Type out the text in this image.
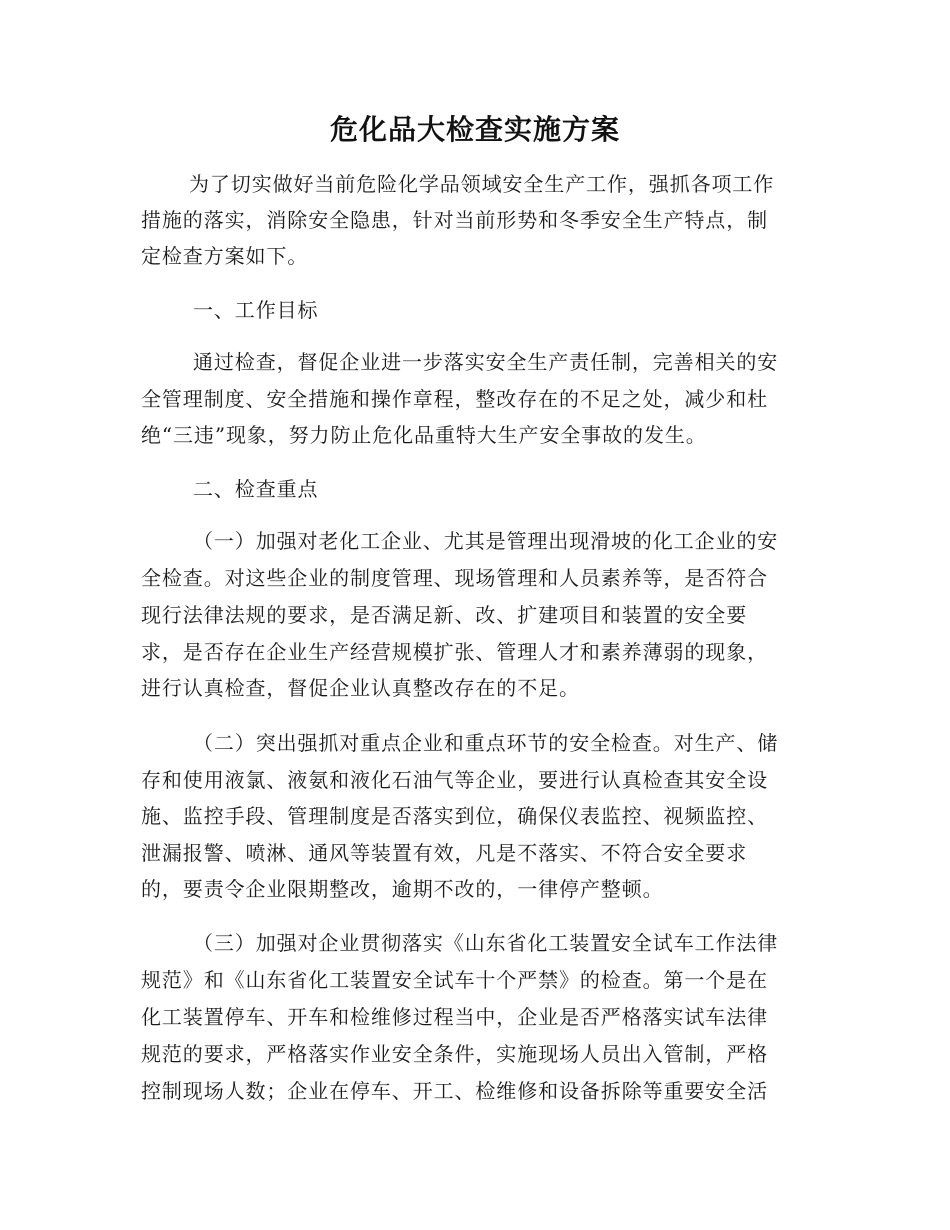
危化品大检查实施方案
为了切实做好当前危险化学品领域安全生产工作，强抓各项工作
措施的落实，消除安全隐患，针对当前形势和冬季安全生产特点，制
定检查方案如下。
一、工作目标
通过检查，督促企业进一步落实安全生产责任制，完善相关的安
全管理制度、安全措施和操作章程，整改存在的不足之处，减少和杜
绝“三违”现象，努力防止危化品重特大生产安全事故的发生。
二、检查重点
（一）加强对老化工企业、尤其是管理出现滑坡的化工企业的安
全检查。对这些企业的制度管理、现场管理和人员素养等，是否符合
现行法律法规的要求，是否满足新、改、扩建项目和装置的安全要
求，是否存在企业生产经营规模扩张、管理人才和素养薄弱的现象，
进行认真检查，督促企业认真整改存在的不足。
（二）突出强抓对重点企业和重点环节的安全检查。对生产、储
存和使用液氯、液氨和液化石油气等企业，要进行认真检查其安全设
施、监控手段、管理制度是否落实到位，确保仪表监控、视频监控、
泄漏报警、喷淋、通风等装置有效，凡是不落实、不符合安全要求
的，要责令企业限期整改，逾期不改的，一律停产整顿。
（三）加强对企业贯彻落实《山东省化工装置安全试车工作法律
规范》和《山东省化工装置安全试车十个严禁》的检查。第一个是在
化工装置停车、开车和检维修过程当中，企业是否严格落实试车法律
规范的要求，严格落实作业安全条件，实施现场人员出入管制，严格
控制现场人数；企业在停车、开工、检维修和设备拆除等重要安全活
